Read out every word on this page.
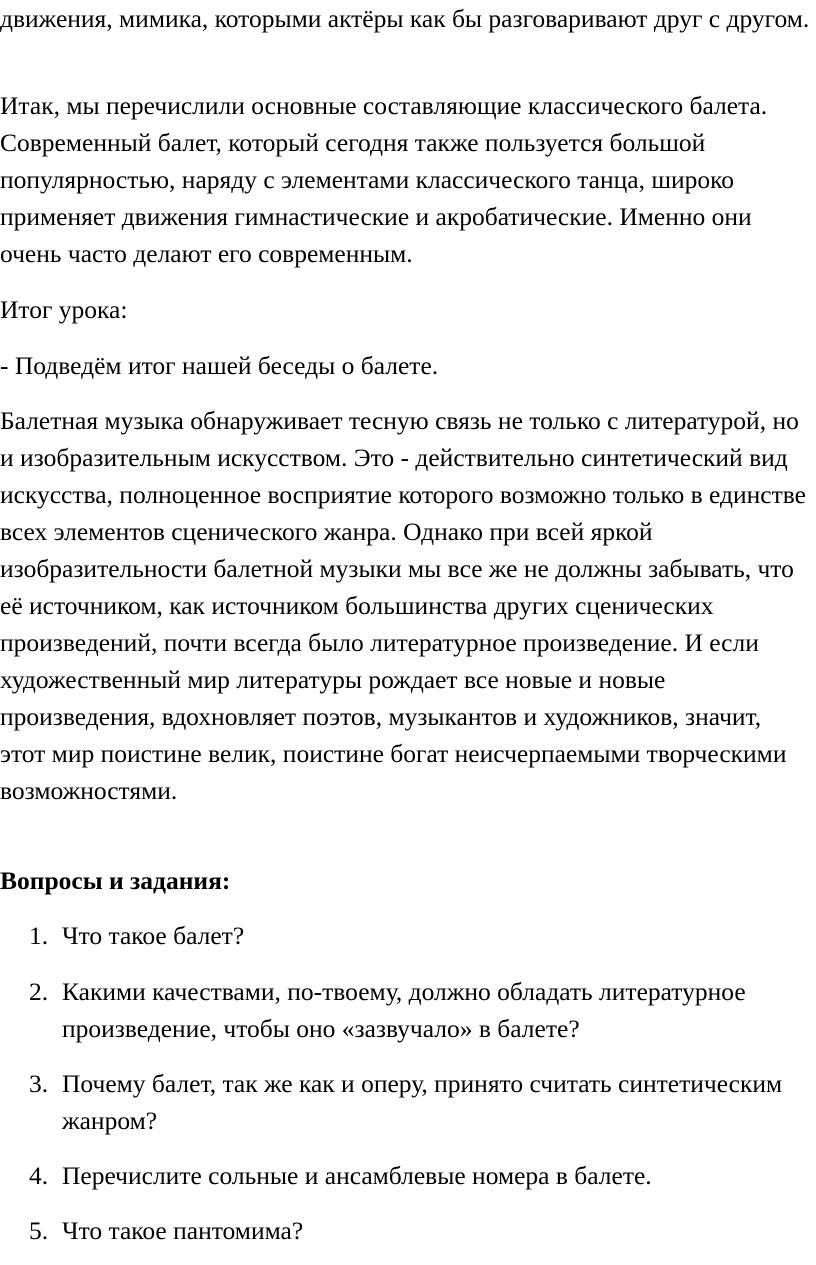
движения, мимика, которыми актёры как бы разговаривают друг с другом.

Итак, мы перечислили основные составляющие классического балета. Современный балет, который сегодня также пользуется большой популярностью, наряду с элементами классического танца, широко применяет движения гимнастические и акробатические. Именно они очень часто делают его современным.

Итог урока:

- Подведём итог нашей беседы о балете.

Балетная музыка обнаруживает тесную связь не только с литературой, но и изобразительным искусством. Это - действительно синтетический вид искусства, полноценное восприятие которого возможно только в единстве всех элементов сценического жанра. Однако при всей яркой изобразительности балетной музыки мы все же не должны забывать, что её источником, как источником большинства других сценических произведений, почти всегда было литературное произведение. И если художественный мир литературы рождает все новые и новые произведения, вдохновляет поэтов, музыкантов и художников, значит, этот мир поистине велик, поистине богат неисчерпаемыми творческими возможностями.

Вопросы и задания:

1. Что такое балет?
2. Какими качествами, по-твоему, должно обладать литературное произведение, чтобы оно «зазвучало» в балете?
3. Почему балет, так же как и оперу, принято считать синтетическим жанром?
4. Перечислите сольные и ансамблевые номера в балете.
5. Что такое пантомима?
